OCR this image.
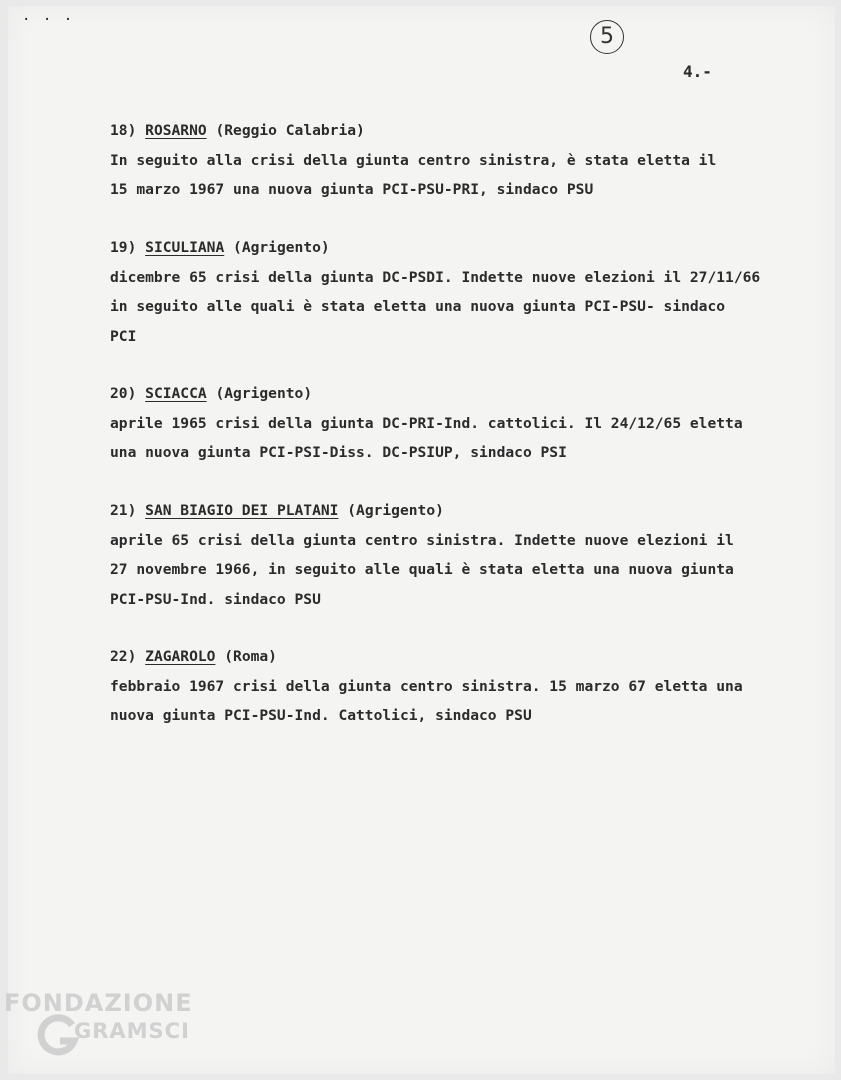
. . .
5
4.-
18) ROSARNO (Reggio Calabria)
In seguito alla crisi della giunta centro sinistra, è stata eletta il
15 marzo 1967 una nuova giunta PCI-PSU-PRI, sindaco PSU
19) SICULIANA (Agrigento)
dicembre 65 crisi della giunta DC-PSDI. Indette nuove elezioni il 27/11/66
in seguito alle quali è stata eletta una nuova giunta PCI-PSU- sindaco
PCI
20) SCIACCA (Agrigento)
aprile 1965 crisi della giunta DC-PRI-Ind. cattolici. Il 24/12/65 eletta
una nuova giunta PCI-PSI-Diss. DC-PSIUP, sindaco PSI
21) SAN BIAGIO DEI PLATANI (Agrigento)
aprile 65 crisi della giunta centro sinistra. Indette nuove elezioni il
27 novembre 1966, in seguito alle quali è stata eletta una nuova giunta
PCI-PSU-Ind. sindaco PSU
22) ZAGAROLO (Roma)
febbraio 1967 crisi della giunta centro sinistra. 15 marzo 67 eletta una
nuova giunta PCI-PSU-Ind. Cattolici, sindaco PSU
FONDAZIONE
GRAMSCI
